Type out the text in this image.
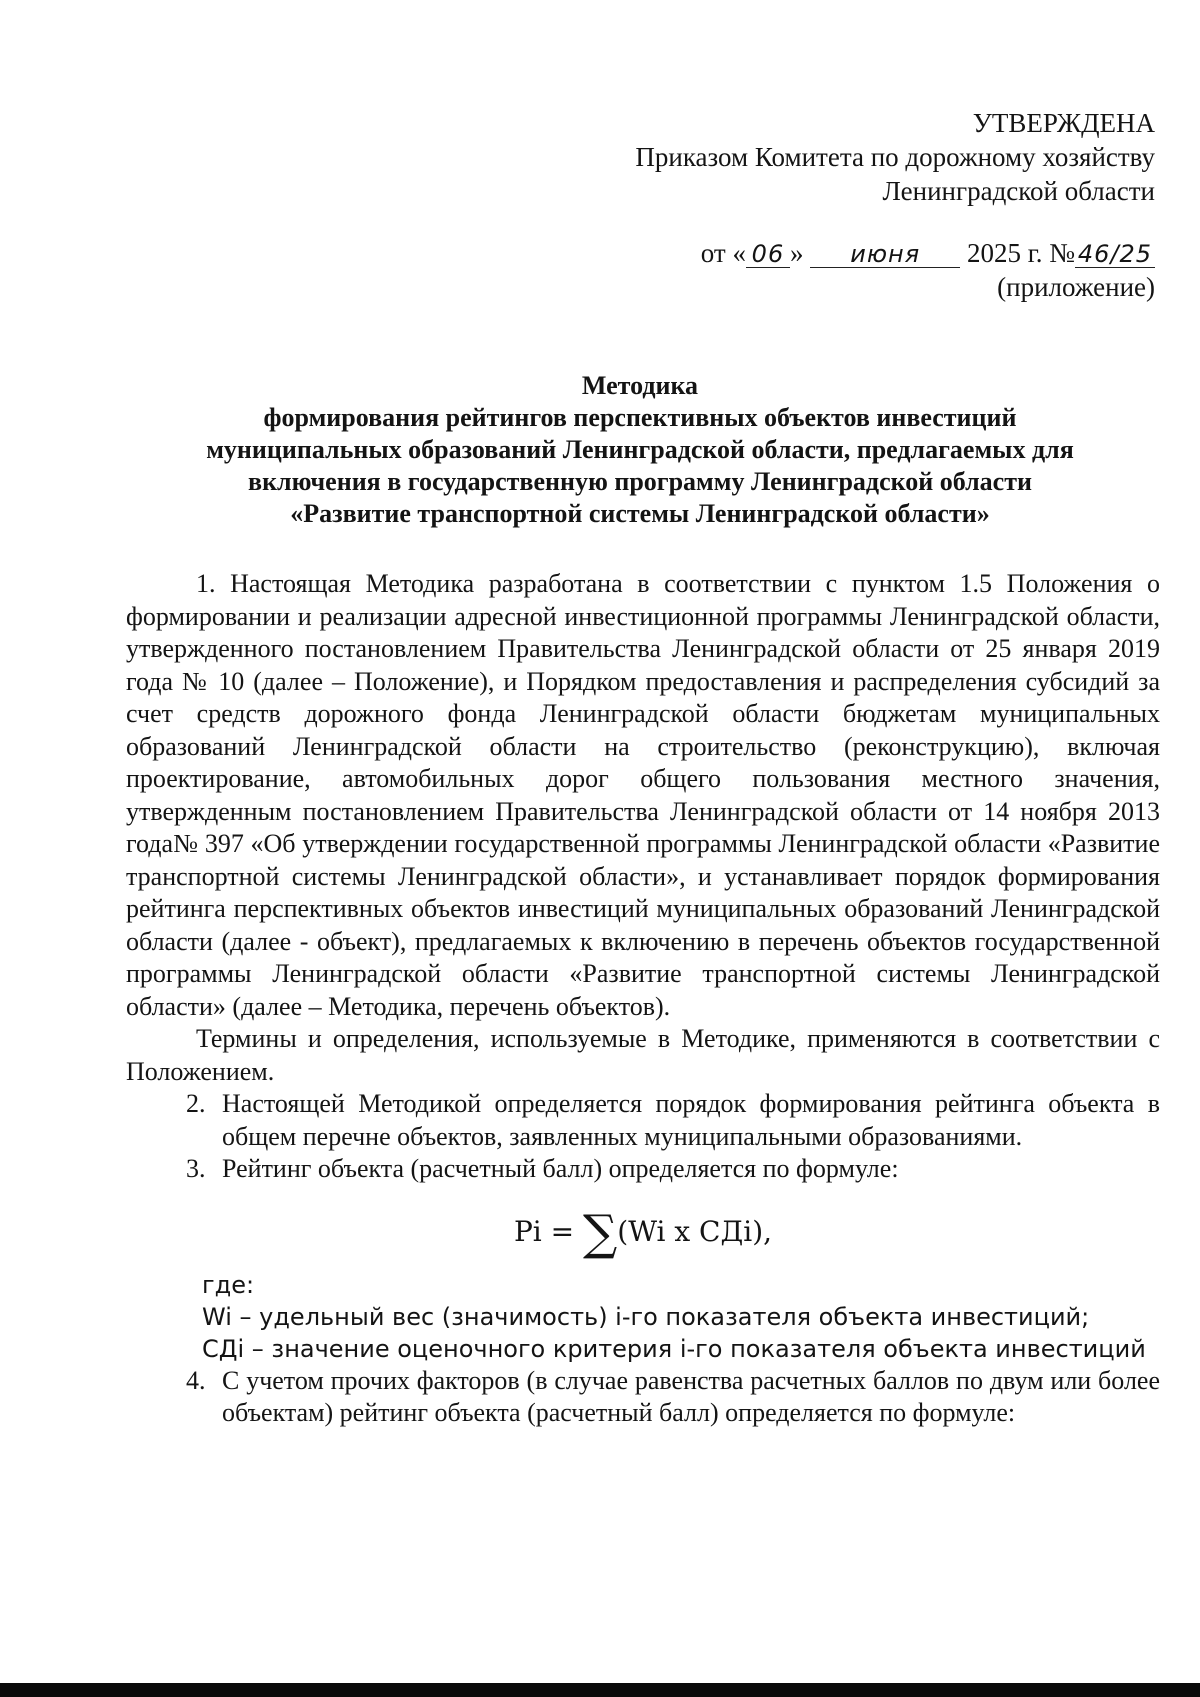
УТВЕРЖДЕНА
Приказом Комитета по дорожному хозяйству
Ленинградской области
от « 06 » июня 2025 г. № 46/25
(приложение)
Методика
формирования рейтингов перспективных объектов инвестиций
муниципальных образований Ленинградской области, предлагаемых для
включения в государственную программу Ленинградской области
«Развитие транспортной системы Ленинградской области»

1. Настоящая Методика разработана в соответствии с пунктом 1.5 Положения о формировании и реализации адресной инвестиционной программы Ленинградской области, утвержденного постановлением Правительства Ленинградской области от 25 января 2019 года № 10 (далее – Положение), и Порядком предоставления и распределения субсидий за счет средств дорожного фонда Ленинградской области бюджетам муниципальных образований Ленинградской области на строительство (реконструкцию), включая проектирование, автомобильных дорог общего пользования местного значения, утвержденным постановлением Правительства Ленинградской области от 14 ноября 2013 года№ 397 «Об утверждении государственной программы Ленинградской области «Развитие транспортной системы Ленинградской области», и устанавливает порядок формирования рейтинга перспективных объектов инвестиций муниципальных образований Ленинградской области (далее - объект), предлагаемых к включению в перечень объектов государственной программы Ленинградской области «Развитие транспортной системы Ленинградской области» (далее – Методика, перечень объектов).

Термины и определения, используемые в Методике, применяются в соответствии с Положением.

2. Настоящей Методикой определяется порядок формирования рейтинга объекта в общем перечне объектов, заявленных муниципальными образованиями.
3. Рейтинг объекта (расчетный балл) определяется по формуле:
Pi = ∑(Wi x СДi),
где:
Wi – удельный вес (значимость) i-го показателя объекта инвестиций;
СДi – значение оценочного критерия i-го показателя объекта инвестиций
4. С учетом прочих факторов (в случае равенства расчетных баллов по двум или более объектам) рейтинг объекта (расчетный балл) определяется по формуле:
